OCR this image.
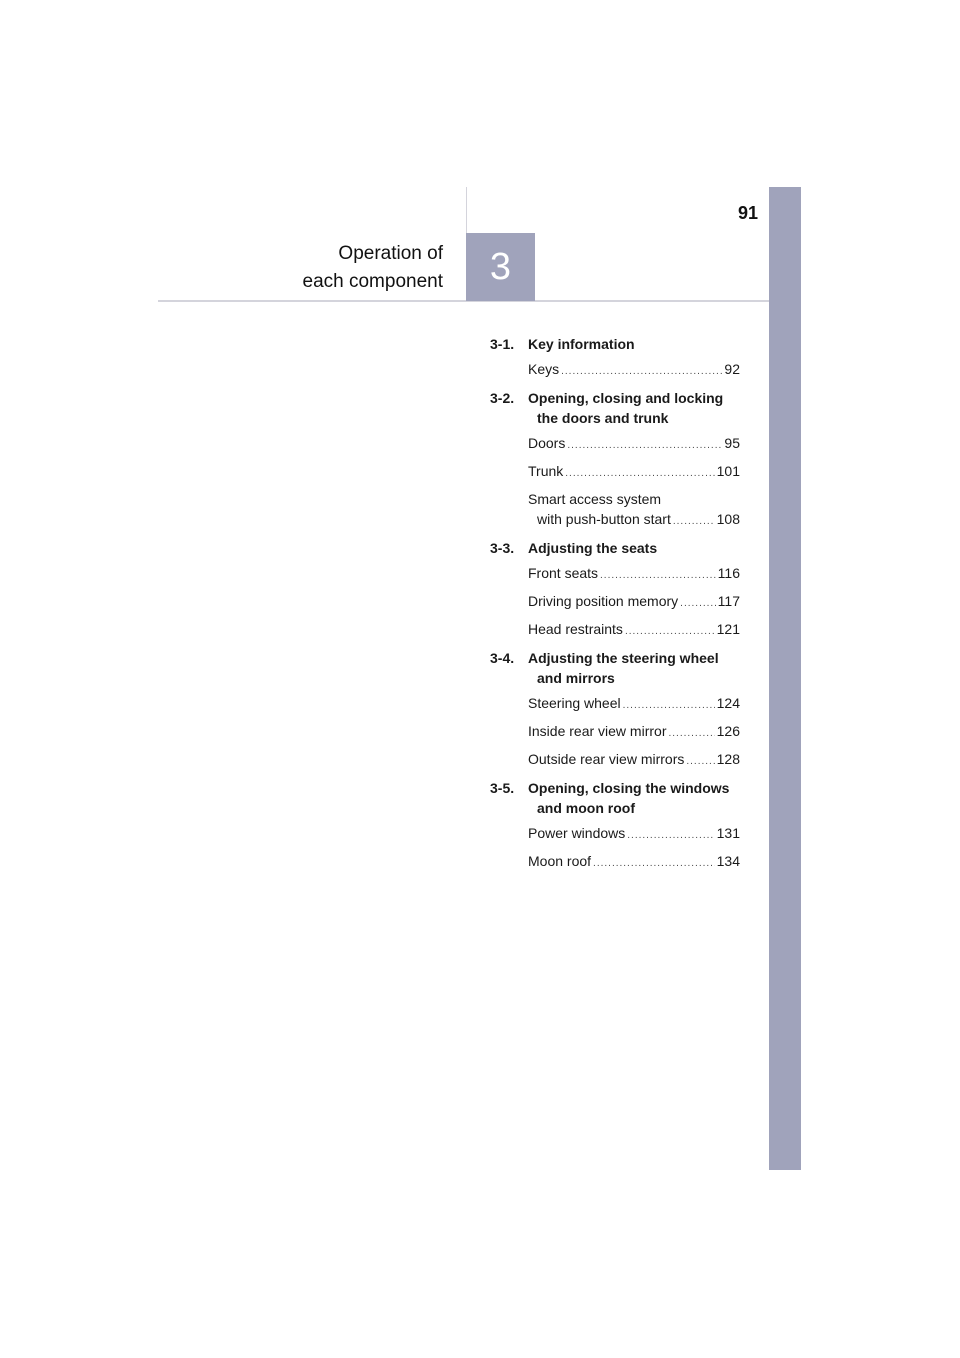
91
Operation of
each component 3
3-1. Key information
Keys .....	92
3-2. Opening, closing and locking
the doors and trunk
Doors .....	95
Trunk .....	101
Smart access system
with push-button start .....	108
3-3. Adjusting the seats
Front seats .....	116
Driving position memory .....	117
Head restraints .....	121
3-4. Adjusting the steering wheel
and mirrors
Steering wheel .....	124
Inside rear view mirror .....	126
Outside rear view mirrors ..... 128
3-5. Opening, closing the windows
and moon roof
Power windows .....	131
Moon roof .....	134
